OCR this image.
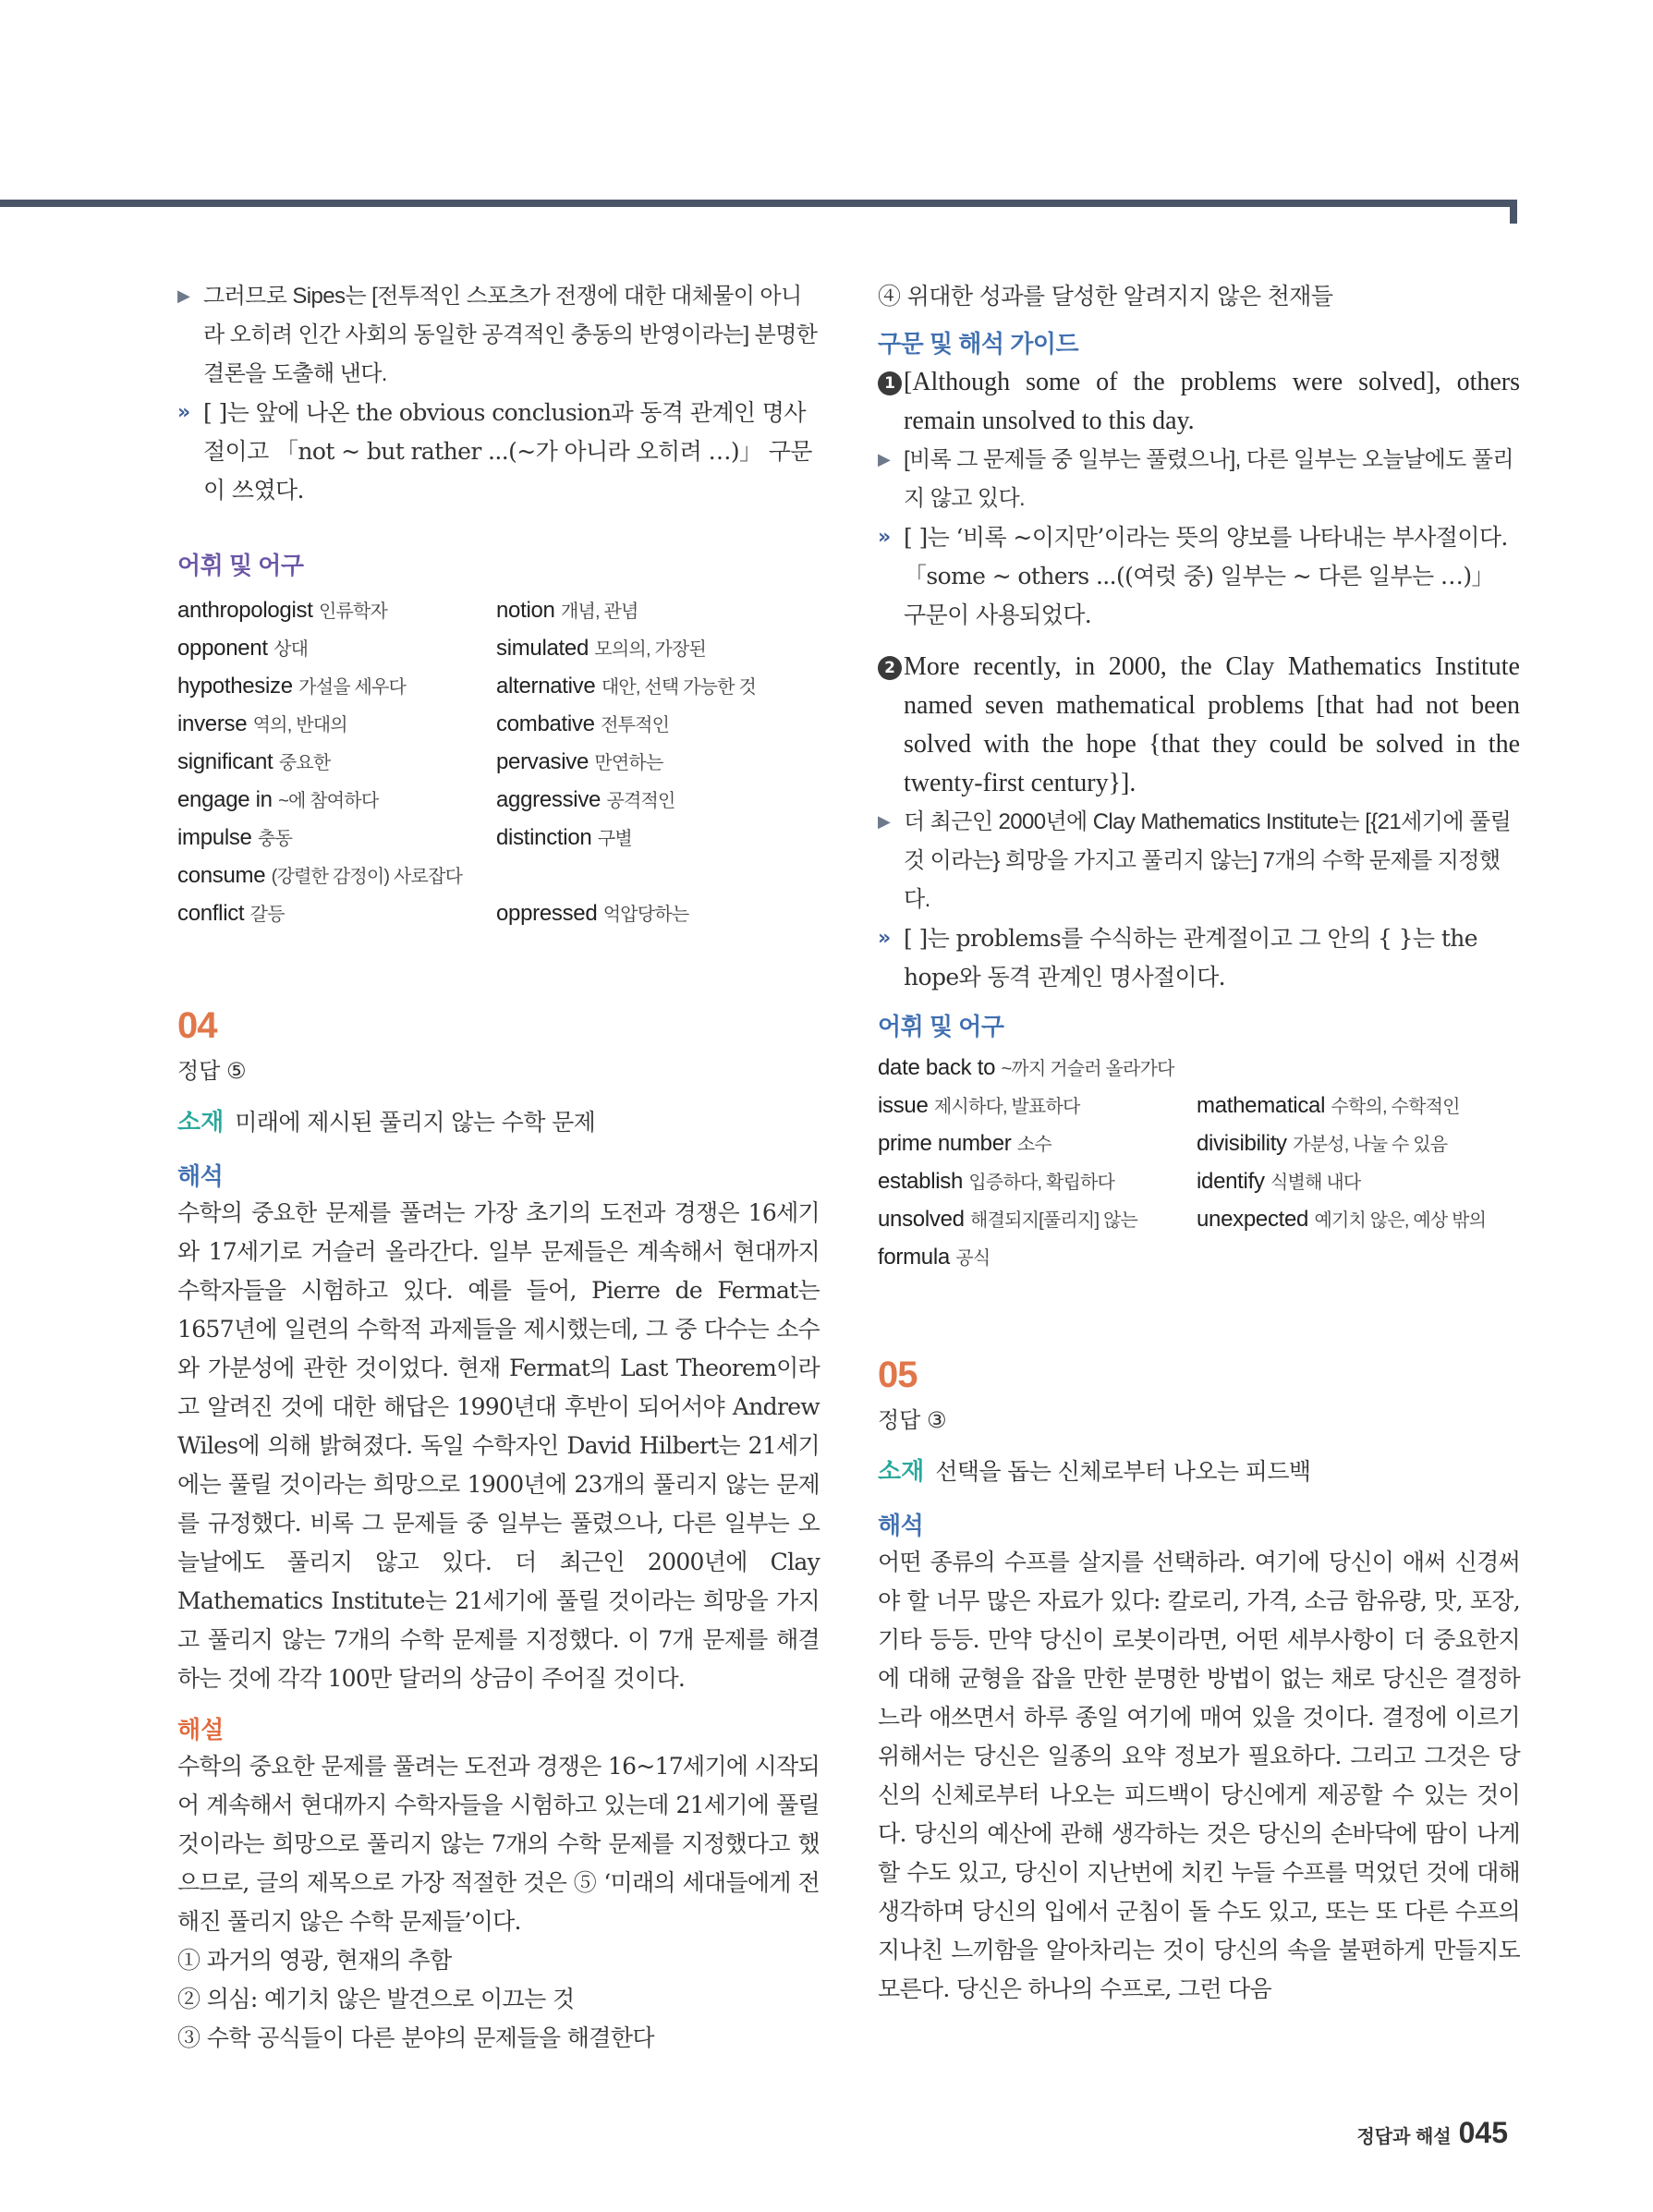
▶ 그러므로 Sipes는 [전투적인 스포츠가 전쟁에 대한 대체물이 아니라 오히려 인간 사회의 동일한 공격적인 충동의 반영이라는] 분명한 결론을 도출해 낸다.
» [ ]는 앞에 나온 the obvious conclusion과 동격 관계인 명사절이고 「not ~ but rather ...(~가 아니라 오히려 …)」 구문이 쓰였다.
어휘 및 어구
anthropologist 인류학자	notion 개념, 관념
opponent 상대	simulated 모의의, 가장된
hypothesize 가설을 세우다	alternative 대안, 선택 가능한 것
inverse 역의, 반대의	combative 전투적인
significant 중요한	pervasive 만연하는
engage in ~에 참여하다	aggressive 공격적인
impulse 충동	distinction 구별
consume (강렬한 감정이) 사로잡다
conflict 갈등	oppressed 억압당하는
04
정답 ⑤
소재 미래에 제시된 풀리지 않는 수학 문제
해석
수학의 중요한 문제를 풀려는 가장 초기의 도전과 경쟁은 16세기와 17세기로 거슬러 올라간다. 일부 문제들은 계속해서 현대까지 수학자들을 시험하고 있다. 예를 들어, Pierre de Fermat는 1657년에 일련의 수학적 과제들을 제시했는데, 그 중 다수는 소수와 가분성에 관한 것이었다. 현재 Fermat의 Last Theorem이라고 알려진 것에 대한 해답은 1990년대 후반이 되어서야 Andrew Wiles에 의해 밝혀졌다. 독일 수학자인 David Hilbert는 21세기에는 풀릴 것이라는 희망으로 1900년에 23개의 풀리지 않는 문제를 규정했다. 비록 그 문제들 중 일부는 풀렸으나, 다른 일부는 오늘날에도 풀리지 않고 있다. 더 최근인 2000년에 Clay Mathematics Institute는 21세기에 풀릴 것이라는 희망을 가지고 풀리지 않는 7개의 수학 문제를 지정했다. 이 7개 문제를 해결하는 것에 각각 100만 달러의 상금이 주어질 것이다.
해설
수학의 중요한 문제를 풀려는 도전과 경쟁은 16~17세기에 시작되어 계속해서 현대까지 수학자들을 시험하고 있는데 21세기에 풀릴 것이라는 희망으로 풀리지 않는 7개의 수학 문제를 지정했다고 했으므로, 글의 제목으로 가장 적절한 것은 ⑤ ‘미래의 세대들에게 전해진 풀리지 않은 수학 문제들’이다.
① 과거의 영광, 현재의 추함
② 의심: 예기치 않은 발견으로 이끄는 것
③ 수학 공식들이 다른 분야의 문제들을 해결한다
④ 위대한 성과를 달성한 알려지지 않은 천재들
구문 및 해석 가이드
1 [Although some of the problems were solved], others remain unsolved to this day.
▶ [비록 그 문제들 중 일부는 풀렸으나], 다른 일부는 오늘날에도 풀리지 않고 있다.
» [ ]는 ‘비록 ~이지만’이라는 뜻의 양보를 나타내는 부사절이다. 「some ~ others ...((여럿 중) 일부는 ~ 다른 일부는 …)」 구문이 사용되었다.
2 More recently, in 2000, the Clay Mathematics Institute named seven mathematical problems [that had not been solved with the hope {that they could be solved in the twenty-first century}].
▶ 더 최근인 2000년에 Clay Mathematics Institute는 [{21세기에 풀릴 것 이라는} 희망을 가지고 풀리지 않는] 7개의 수학 문제를 지정했다.
» [ ]는 problems를 수식하는 관계절이고 그 안의 { }는 the hope와 동격 관계인 명사절이다.
어휘 및 어구
date back to ~까지 거슬러 올라가다
issue 제시하다, 발표하다	mathematical 수학의, 수학적인
prime number 소수	divisibility 가분성, 나눌 수 있음
establish 입증하다, 확립하다	identify 식별해 내다
unsolved 해결되지[풀리지] 않는	unexpected 예기치 않은, 예상 밖의
formula 공식
05
정답 ③
소재 선택을 돕는 신체로부터 나오는 피드백
해석
어떤 종류의 수프를 살지를 선택하라. 여기에 당신이 애써 신경써야 할 너무 많은 자료가 있다: 칼로리, 가격, 소금 함유량, 맛, 포장, 기타 등등. 만약 당신이 로봇이라면, 어떤 세부사항이 더 중요한지에 대해 균형을 잡을 만한 분명한 방법이 없는 채로 당신은 결정하느라 애쓰면서 하루 종일 여기에 매여 있을 것이다. 결정에 이르기 위해서는 당신은 일종의 요약 정보가 필요하다. 그리고 그것은 당신의 신체로부터 나오는 피드백이 당신에게 제공할 수 있는 것이다. 당신의 예산에 관해 생각하는 것은 당신의 손바닥에 땀이 나게 할 수도 있고, 당신이 지난번에 치킨 누들 수프를 먹었던 것에 대해 생각하며 당신의 입에서 군침이 돌 수도 있고, 또는 또 다른 수프의 지나친 느끼함을 알아차리는 것이 당신의 속을 불편하게 만들지도 모른다. 당신은 하나의 수프로, 그런 다음
정답과 해설 045
